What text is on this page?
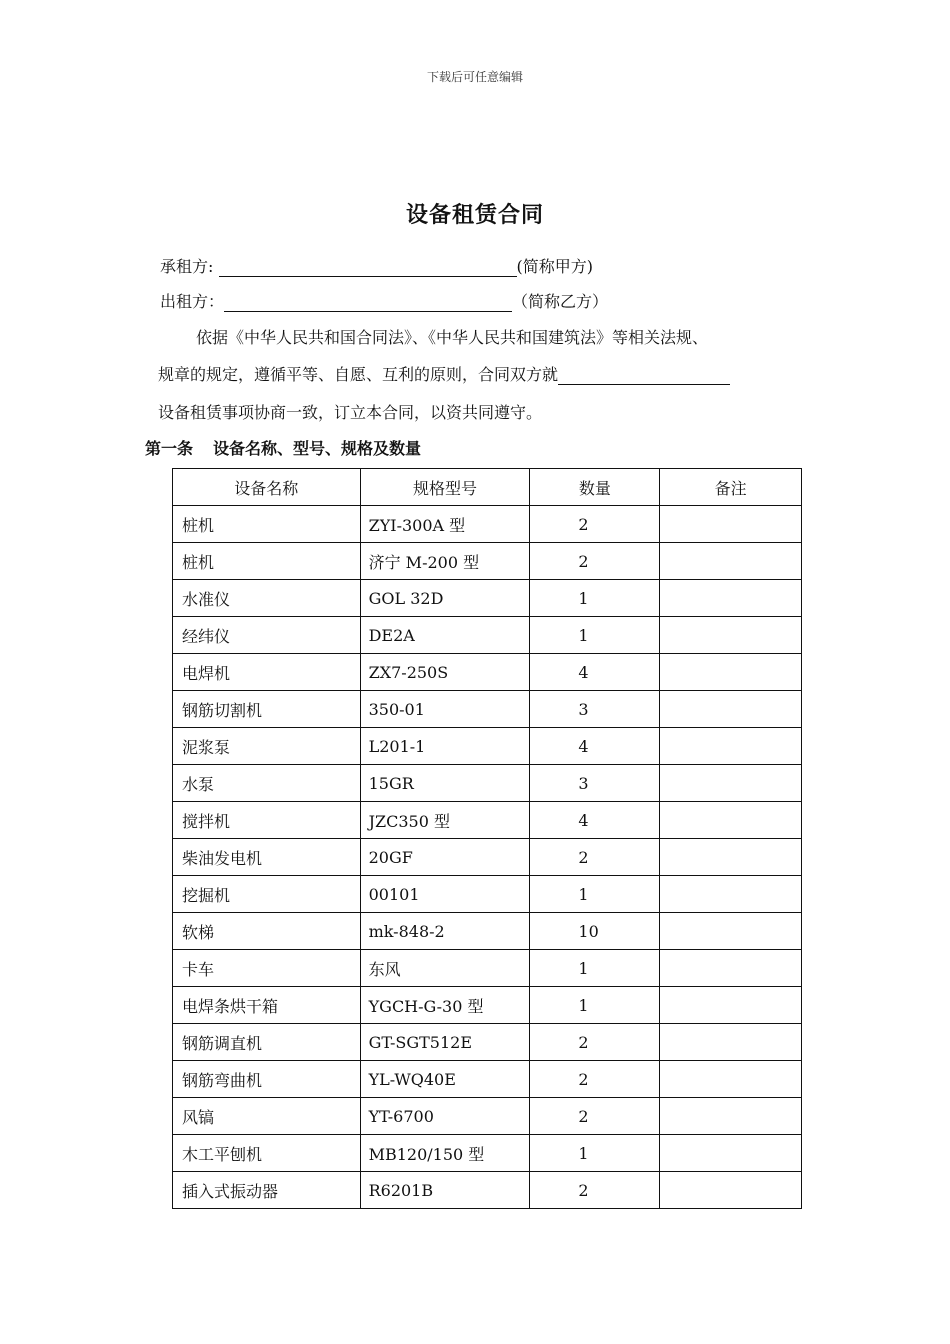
下载后可任意编辑
设备租赁合同
承租方:	(简称甲方)
出租方：	（简称乙方）
依据《中华人民共和国合同法》、《中华人民共和国建筑法》等相关法规、
规章的规定，遵循平等、自愿、互利的原则，合同双方就
设备租赁事项协商一致，订立本合同，以资共同遵守。
第一条 设备名称、型号、规格及数量
设备名称	规格型号	数量	备注
桩机	ZYI-300A 型	2	
桩机	济宁 M-200 型	2	
水准仪	GOL 32D	1	
经纬仪	DE2A	1	
电焊机	ZX7-250S	4	
钢筋切割机	350-01	3	
泥浆泵	L201-1	4	
水泵	15GR	3	
搅拌机	JZC350 型	4	
柴油发电机	20GF	2	
挖掘机	00101	1	
软梯	mk-848-2	10	
卡车	东风	1	
电焊条烘干箱	YGCH-G-30 型	1	
钢筋调直机	GT-SGT512E	2	
钢筋弯曲机	YL-WQ40E	2	
风镐	YT-6700	2	
木工平刨机	MB120/150 型	1	
插入式振动器	R6201B	2	
